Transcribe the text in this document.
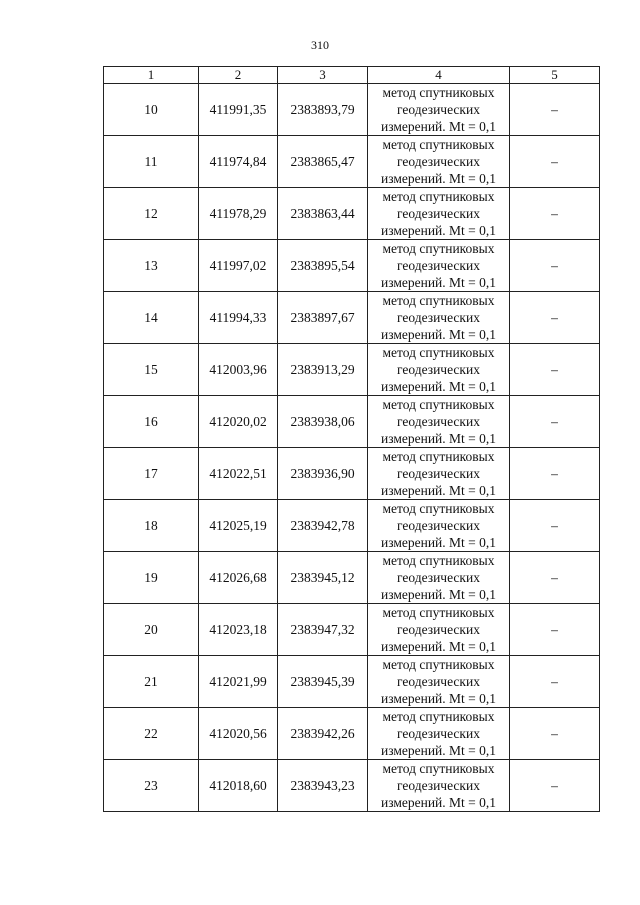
310
1	2	3	4	5
10	411991,35	2383893,79	метод спутниковых
геодезических
измерений. Mt = 0,1	–
11	411974,84	2383865,47	метод спутниковых
геодезических
измерений. Mt = 0,1	–
12	411978,29	2383863,44	метод спутниковых
геодезических
измерений. Mt = 0,1	–
13	411997,02	2383895,54	метод спутниковых
геодезических
измерений. Mt = 0,1	–
14	411994,33	2383897,67	метод спутниковых
геодезических
измерений. Mt = 0,1	–
15	412003,96	2383913,29	метод спутниковых
геодезических
измерений. Mt = 0,1	–
16	412020,02	2383938,06	метод спутниковых
геодезических
измерений. Mt = 0,1	–
17	412022,51	2383936,90	метод спутниковых
геодезических
измерений. Mt = 0,1	–
18	412025,19	2383942,78	метод спутниковых
геодезических
измерений. Mt = 0,1	–
19	412026,68	2383945,12	метод спутниковых
геодезических
измерений. Mt = 0,1	–
20	412023,18	2383947,32	метод спутниковых
геодезических
измерений. Mt = 0,1	–
21	412021,99	2383945,39	метод спутниковых
геодезических
измерений. Mt = 0,1	–
22	412020,56	2383942,26	метод спутниковых
геодезических
измерений. Mt = 0,1	–
23	412018,60	2383943,23	метод спутниковых
геодезических
измерений. Mt = 0,1	–
